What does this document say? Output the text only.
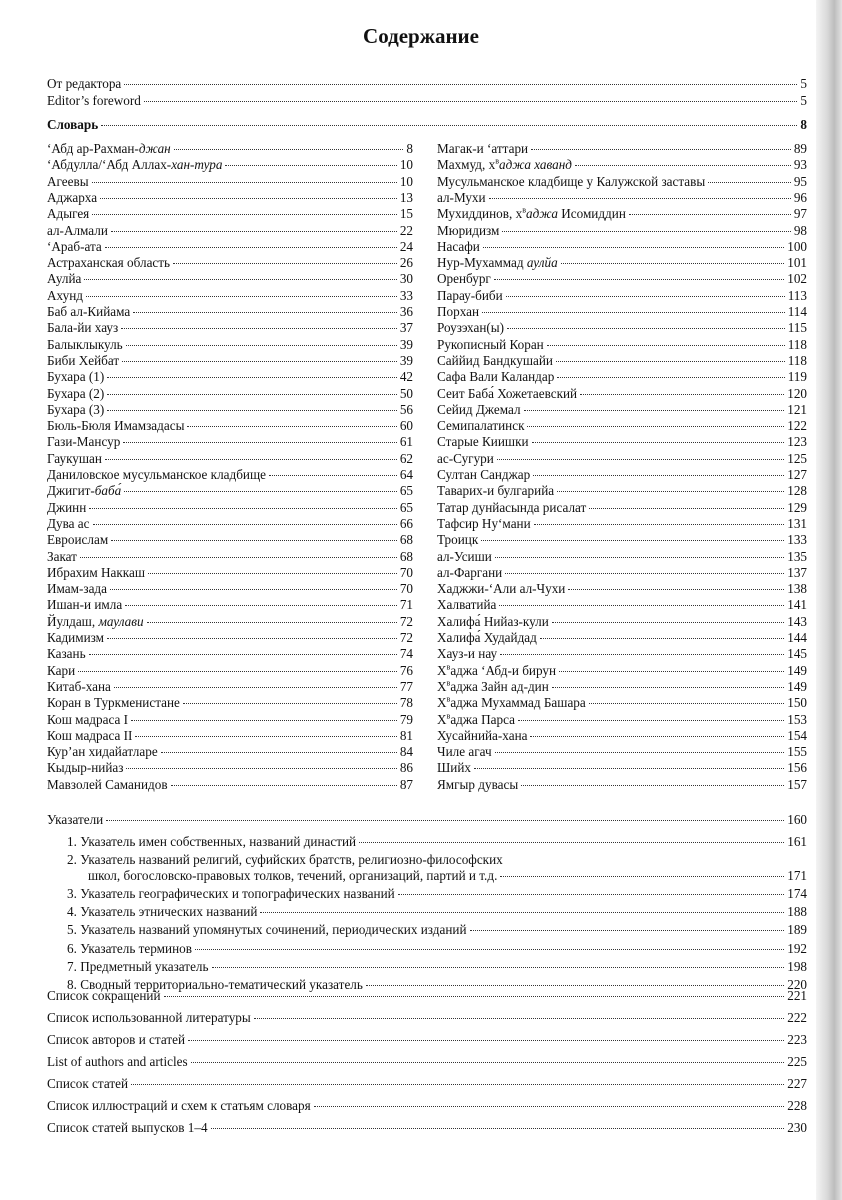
Содержание
От редактора	5
Editor’s foreword	5
Словарь	8
‘Абд ар-Рахман-джан	8
‘Абдулла/‘Абд Аллах-хан-тура	10
Агеевы	10
Аджарха	13
Адыгея	15
ал-Алмали	22
‘Араб-ата	24
Астраханская область	26
Аулйа	30
Ахунд	33
Баб ал-Кийама	36
Бала-йи хауз	37
Балыклыкуль	39
Биби Хейбат	39
Бухара (1)	42
Бухара (2)	50
Бухара (3)	56
Бюль-Бюля Имамзадасы	60
Гази-Мансур	61
Гаукушан	62
Даниловское мусульманское кладбище	64
Джигит-баба́	65
Джинн	65
Дува ас	66
Евроислам	68
Закат	68
Ибрахим Наккаш	70
Имам-зада	70
Ишан-и имла	71
Йулдаш, маулави	72
Кадимизм	72
Казань	74
Кари	76
Китаб-хана	77
Коран в Туркменистане	78
Кош мадраса I	79
Кош мадраса II	81
Кур’ан хидайатларе	84
Кыдыр-нийаз	86
Мавзолей Саманидов	87
Магак-и ‘аттари	89
Махмуд, $х^ваджа$ хаванд	93
Мусульманское кладбище у Калужской заставы	95
ал-Мухи	96
Мухиддинов, $х^ваджа$ Исомиддин	97
Мюридизм	98
Насафи	100
Нур-Мухаммад аулйа	101
Оренбург	102
Парау-биби	113
Порхан	114
Роузэхан(ы)	115
Рукописный Коран	118
Саййид Бандкушайи	118
Сафа Вали Каландар	119
Сеит Баба́ Хожетаевский	120
Сейид Джемал	121
Семипалатинск	122
Старые Киишки	123
ас-Сугури	125
Султан Санджар	127
Таварих-и булгарийа	128
Татар дунйасында рисалат	129
Тафсир Ну‘мани	131
Троицк	133
ал-Усиши	135
ал-Фаргани	137
Хаджжи-‘Али ал-Чухи	138
Халватийа	141
Халифа́ Нийаз-кули	143
Халифа́ Худайдад	144
Хауз-и нау	145
$Х^ваджа$ ‘Абд-и бирун	149
$Х^ваджа$ Зайн ад-дин	149
$Х^ваджа$ Мухаммад Башара	150
$Х^ваджа$ Парса	153
Хусайнийа-хана	154
Чиле агач	155
Шийх	156
Ямгыр дувасы	157
Указатели	160
1. Указатель имен собственных, названий династий	161
2. Указатель названий религий, суфийских братств, религиозно-философских
школ, богословско-правовых толков, течений, организаций, партий и т.д.	171
3. Указатель географических и топографических названий	174
4. Указатель этнических названий	188
5. Указатель названий упомянутых сочинений, периодических изданий	189
6. Указатель терминов	192
7. Предметный указатель	198
8. Сводный территориально-тематический указатель	220
Список сокращений	221
Список использованной литературы	222
Список авторов и статей	223
List of authors and articles	225
Список статей	227
Список иллюстраций и схем к статьям словаря	228
Список статей выпусков 1–4	230
